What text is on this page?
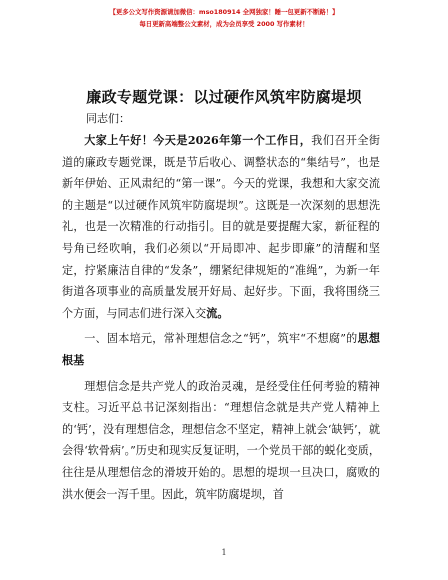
【更多公文写作资源请加微信：mso180914 全网独家！睡一包更新不断路！】
每日更新高端整公文素材，成为会员享受 2000 写作素材！
廉政专题党课：以过硬作风筑牢防腐堤坝
同志们：

大家上午好！今天是2026年第一个工作日，我们召开全街道的廉政专题党课，既是节后收心、调整状态的“集结号”，也是新年伊始、正风肃纪的“第一课”。今天的党课，我想和大家交流的主题是“以过硬作风筑牢防腐堤坝”。这既是一次深刻的思想洗礼，也是一次精准的行动指引。目的就是要提醒大家，新征程的号角已经吹响，我们必须以“开局即冲、起步即廉”的清醒和坚定，拧紧廉洁自律的“发条”，绷紧纪律规矩的“准绳”，为新一年街道各项事业的高质量发展开好局、起好步。下面，我将围绕三个方面，与同志们进行深入交流。

一、固本培元，常补理想信念之“钙”，筑牢“不想腐”的思想根基

理想信念是共产党人的政治灵魂，是经受住任何考验的精神支柱。习近平总书记深刻指出：“理想信念就是共产党人精神上的‘钙’，没有理想信念，理想信念不坚定，精神上就会‘缺钙’，就会得‘软骨病’。”历史和现实反复证明，一个党员干部的蜕化变质，往往是从理想信念的滑坡开始的。思想的堤坝一旦决口，腐败的洪水便会一泻千里。因此，筑牢防腐堤坝，首

1
